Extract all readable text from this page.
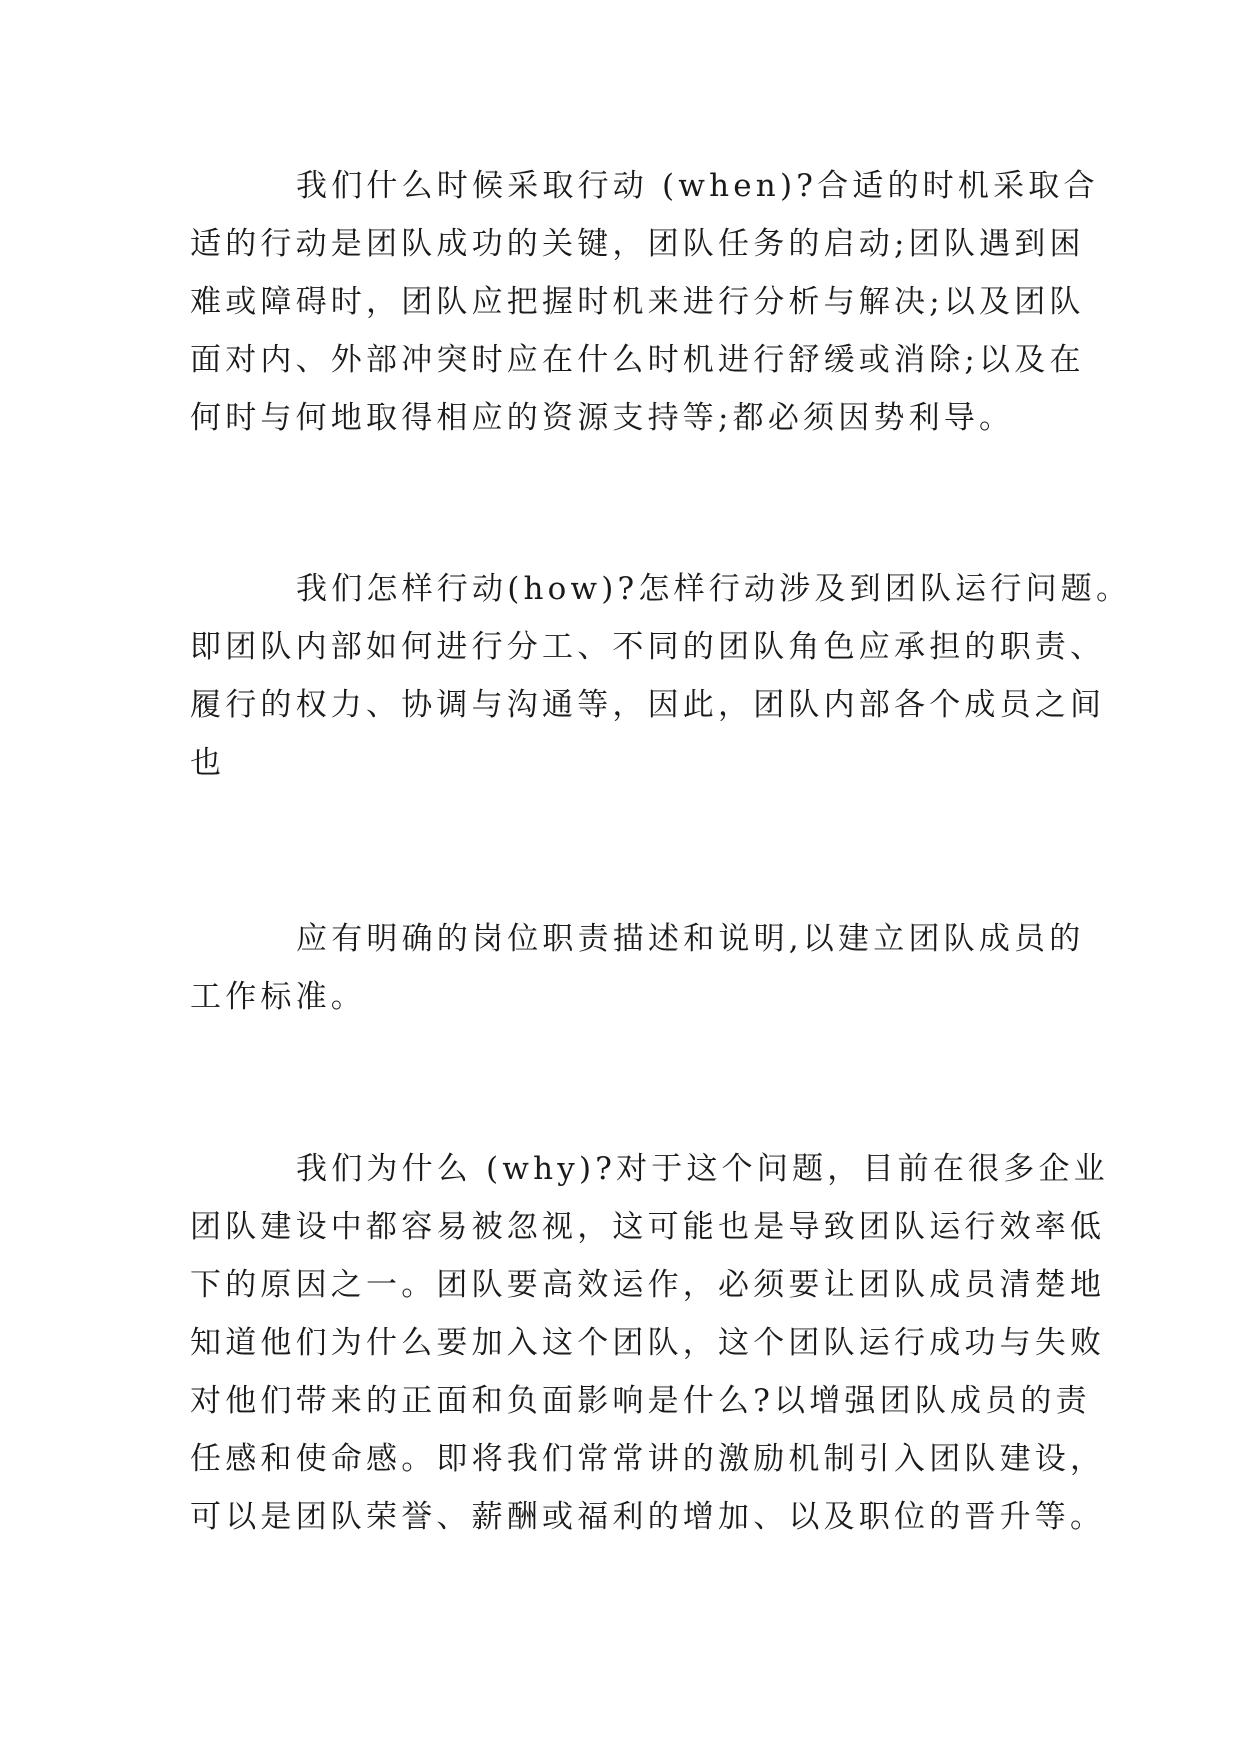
我们什么时候采取行动 (when)?合适的时机采取合
适的行动是团队成功的关键，团队任务的启动;团队遇到困
难或障碍时，团队应把握时机来进行分析与解决;以及团队
面对内、外部冲突时应在什么时机进行舒缓或消除;以及在
何时与何地取得相应的资源支持等;都必须因势利导。
我们怎样行动(how)?怎样行动涉及到团队运行问题。
即团队内部如何进行分工、不同的团队角色应承担的职责、
履行的权力、协调与沟通等，因此，团队内部各个成员之间
也
应有明确的岗位职责描述和说明,以建立团队成员的
工作标准。
我们为什么 (why)?对于这个问题，目前在很多企业
团队建设中都容易被忽视，这可能也是导致团队运行效率低
下的原因之一。团队要高效运作，必须要让团队成员清楚地
知道他们为什么要加入这个团队，这个团队运行成功与失败
对他们带来的正面和负面影响是什么?以增强团队成员的责
任感和使命感。即将我们常常讲的激励机制引入团队建设，
可以是团队荣誉、薪酬或福利的增加、以及职位的晋升等。
